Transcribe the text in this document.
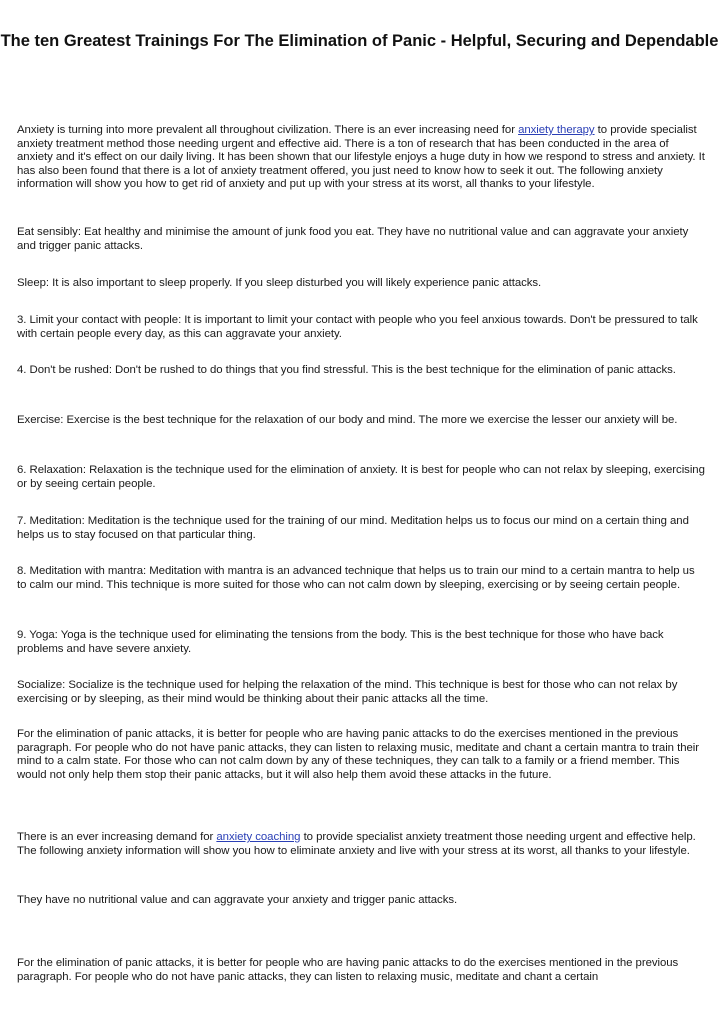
The ten Greatest Trainings For The Elimination of Panic - Helpful, Securing and Dependable

Anxiety is turning into more prevalent all throughout civilization. There is an ever increasing need for anxiety therapy to provide specialist anxiety treatment method those needing urgent and effective aid. There is a ton of research that has been conducted in the area of anxiety and it's effect on our daily living. It has been shown that our lifestyle enjoys a huge duty in how we respond to stress and anxiety. It has also been found that there is a lot of anxiety treatment offered, you just need to know how to seek it out. The following anxiety information will show you how to get rid of anxiety and put up with your stress at its worst, all thanks to your lifestyle.

Eat sensibly: Eat healthy and minimise the amount of junk food you eat. They have no nutritional value and can aggravate your anxiety and trigger panic attacks.

Sleep: It is also important to sleep properly. If you sleep disturbed you will likely experience panic attacks.

3. Limit your contact with people: It is important to limit your contact with people who you feel anxious towards. Don't be pressured to talk with certain people every day, as this can aggravate your anxiety.

4. Don't be rushed: Don't be rushed to do things that you find stressful. This is the best technique for the elimination of panic attacks.

Exercise: Exercise is the best technique for the relaxation of our body and mind. The more we exercise the lesser our anxiety will be.

6. Relaxation: Relaxation is the technique used for the elimination of anxiety. It is best for people who can not relax by sleeping, exercising or by seeing certain people.

7. Meditation: Meditation is the technique used for the training of our mind. Meditation helps us to focus our mind on a certain thing and helps us to stay focused on that particular thing.

8. Meditation with mantra: Meditation with mantra is an advanced technique that helps us to train our mind to a certain mantra to help us to calm our mind. This technique is more suited for those who can not calm down by sleeping, exercising or by seeing certain people.

9. Yoga: Yoga is the technique used for eliminating the tensions from the body. This is the best technique for those who have back problems and have severe anxiety.

Socialize: Socialize is the technique used for helping the relaxation of the mind. This technique is best for those who can not relax by exercising or by sleeping, as their mind would be thinking about their panic attacks all the time.

For the elimination of panic attacks, it is better for people who are having panic attacks to do the exercises mentioned in the previous paragraph. For people who do not have panic attacks, they can listen to relaxing music, meditate and chant a certain mantra to train their mind to a calm state. For those who can not calm down by any of these techniques, they can talk to a family or a friend member. This would not only help them stop their panic attacks, but it will also help them avoid these attacks in the future.

There is an ever increasing demand for anxiety coaching to provide specialist anxiety treatment those needing urgent and effective help. The following anxiety information will show you how to eliminate anxiety and live with your stress at its worst, all thanks to your lifestyle.

They have no nutritional value and can aggravate your anxiety and trigger panic attacks.

For the elimination of panic attacks, it is better for people who are having panic attacks to do the exercises mentioned in the previous paragraph. For people who do not have panic attacks, they can listen to relaxing music, meditate and chant a certain
